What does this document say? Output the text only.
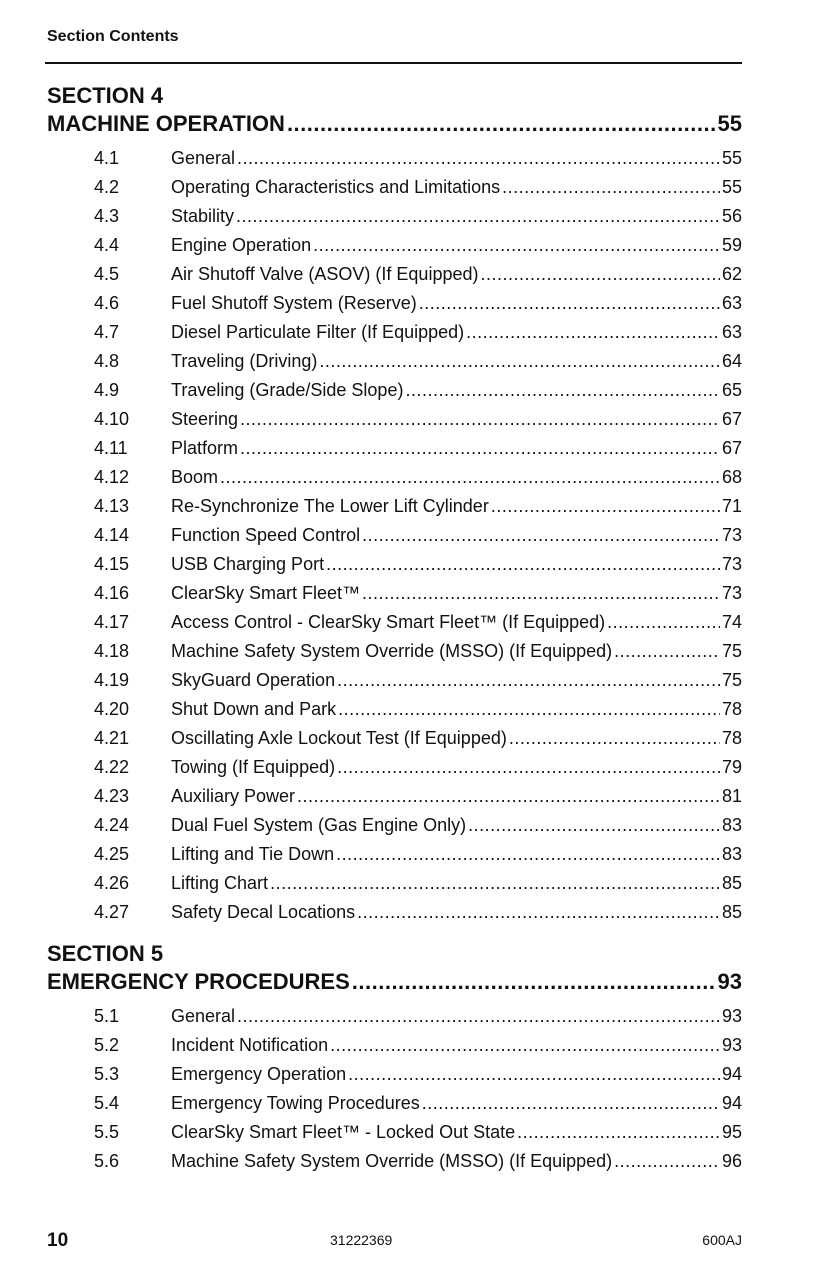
Section Contents
SECTION 4
MACHINE OPERATION .....	55
4.1	General .....	55
4.2	Operating Characteristics and Limitations .....	55
4.3	Stability .....	56
4.4	Engine Operation .....	59
4.5	Air Shutoff Valve (ASOV) (If Equipped) .....	62
4.6	Fuel Shutoff System (Reserve) .....	63
4.7	Diesel Particulate Filter (If Equipped) .....	63
4.8	Traveling (Driving) .....	64
4.9	Traveling (Grade/Side Slope) .....	65
4.10	Steering .....	67
4.11	Platform .....	67
4.12	Boom .....	68
4.13	Re-Synchronize The Lower Lift Cylinder .....	71
4.14	Function Speed Control .....	73
4.15	USB Charging Port .....	73
4.16	ClearSky Smart Fleet™ .....	73
4.17	Access Control - ClearSky Smart Fleet™ (If Equipped) .....	74
4.18	Machine Safety System Override (MSSO) (If Equipped) .....	75
4.19	SkyGuard Operation .....	75
4.20	Shut Down and Park .....	78
4.21	Oscillating Axle Lockout Test (If Equipped) .....	78
4.22	Towing (If Equipped) .....	79
4.23	Auxiliary Power .....	81
4.24	Dual Fuel System (Gas Engine Only) .....	83
4.25	Lifting and Tie Down .....	83
4.26	Lifting Chart .....	85
4.27	Safety Decal Locations .....	85
SECTION 5
EMERGENCY PROCEDURES .....	93
5.1	General .....	93
5.2	Incident Notification .....	93
5.3	Emergency Operation .....	94
5.4	Emergency Towing Procedures .....	94
5.5	ClearSky Smart Fleet™ - Locked Out State .....	95
5.6	Machine Safety System Override (MSSO) (If Equipped) .....	96
10	31222369	600AJ
